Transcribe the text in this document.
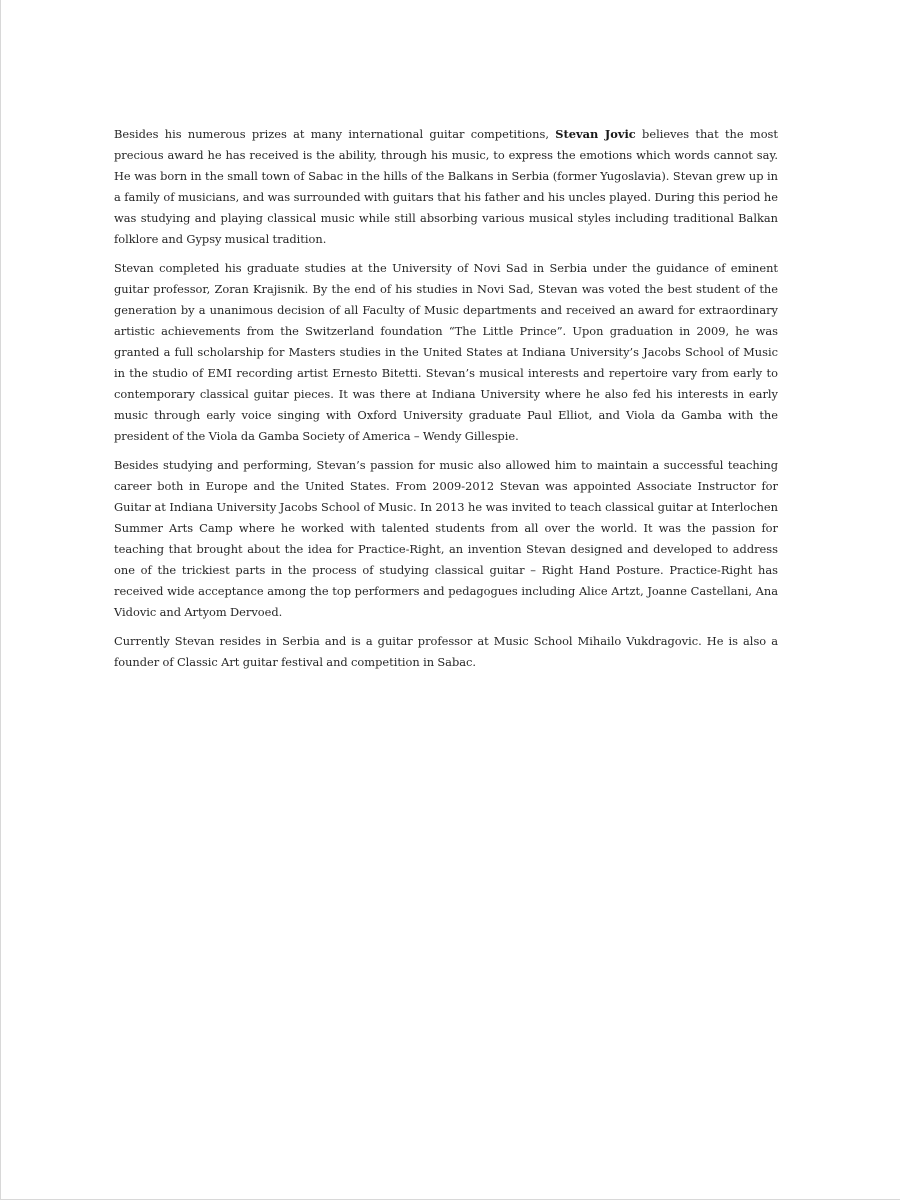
Besides his numerous prizes at many international guitar competitions, Stevan Jovic believes that the most precious award he has received is the ability, through his music, to express the emotions which words cannot say. He was born in the small town of Sabac in the hills of the Balkans in Serbia (former Yugoslavia). Stevan grew up in a family of musicians, and was surrounded with guitars that his father and his uncles played. During this period he was studying and playing classical music while still absorbing various musical styles including traditional Balkan folklore and Gypsy musical tradition.

Stevan completed his graduate studies at the University of Novi Sad in Serbia under the guidance of eminent guitar professor, Zoran Krajisnik. By the end of his studies in Novi Sad, Stevan was voted the best student of the generation by a unanimous decision of all Faculty of Music departments and received an award for extraordinary artistic achievements from the Switzerland foundation “The Little Prince”. Upon graduation in 2009, he was granted a full scholarship for Masters studies in the United States at Indiana University’s Jacobs School of Music in the studio of EMI recording artist Ernesto Bitetti. Stevan’s musical interests and repertoire vary from early to contemporary classical guitar pieces. It was there at Indiana University where he also fed his interests in early music through early voice singing with Oxford University graduate Paul Elliot, and Viola da Gamba with the president of the Viola da Gamba Society of America – Wendy Gillespie.

Besides studying and performing, Stevan’s passion for music also allowed him to maintain a successful teaching career both in Europe and the United States. From 2009-2012 Stevan was appointed Associate Instructor for Guitar at Indiana University Jacobs School of Music. In 2013 he was invited to teach classical guitar at Interlochen Summer Arts Camp where he worked with talented students from all over the world. It was the passion for teaching that brought about the idea for Practice-Right, an invention Stevan designed and developed to address one of the trickiest parts in the process of studying classical guitar – Right Hand Posture. Practice-Right has received wide acceptance among the top performers and pedagogues including Alice Artzt, Joanne Castellani, Ana Vidovic and Artyom Dervoed.

Currently Stevan resides in Serbia and is a guitar professor at Music School Mihailo Vukdragovic. He is also a founder of Classic Art guitar festival and competition in Sabac.
